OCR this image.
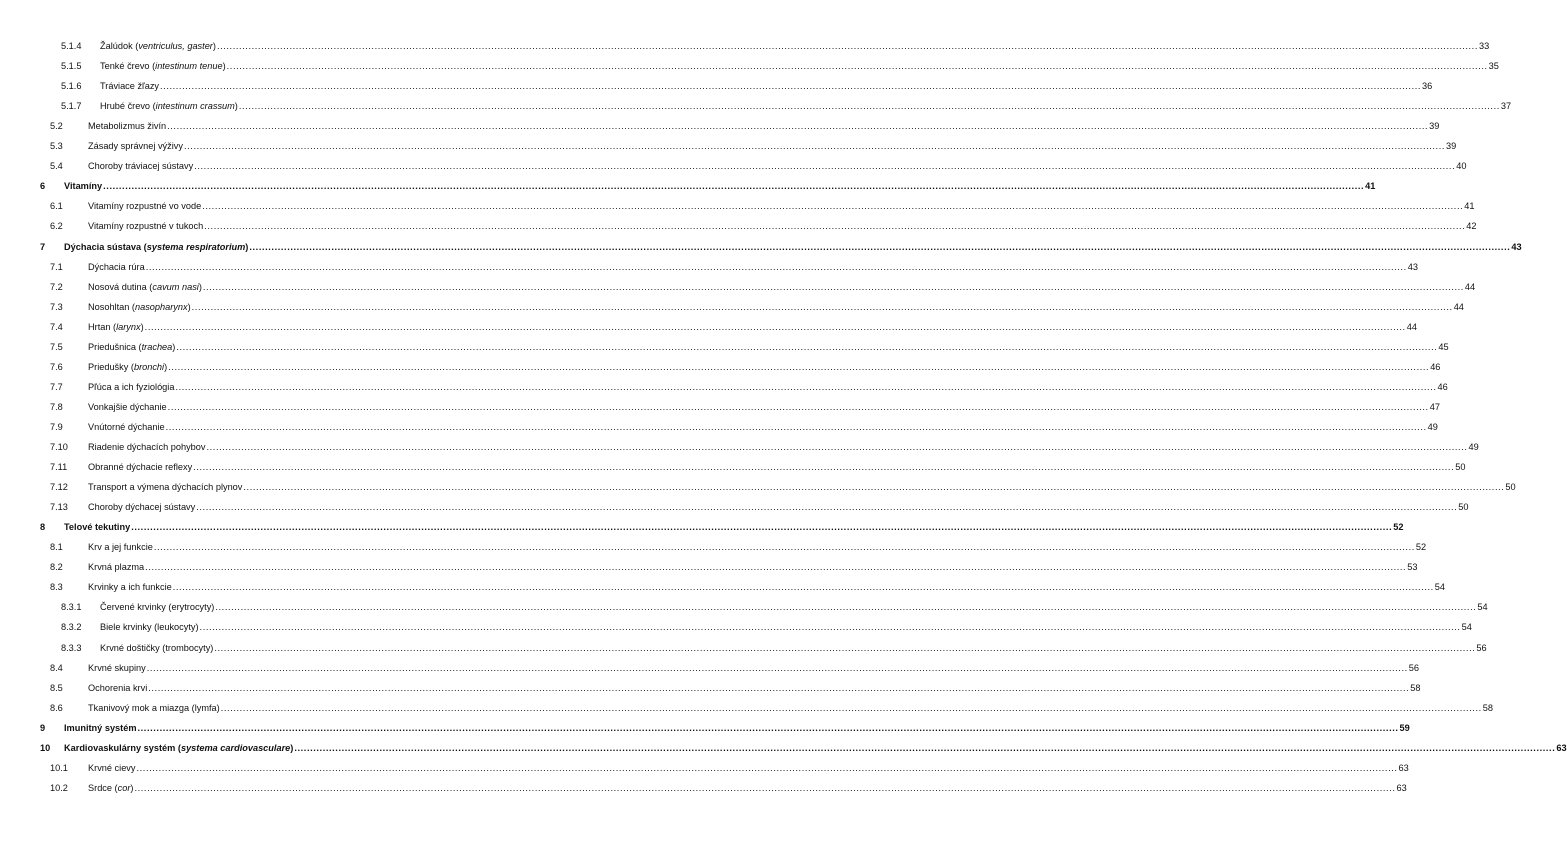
5.1.4 Žalúdok (ventriculus, gaster) ................................................................................................................................................................................................................................................................................................................................................................................................................ 33
5.1.5 Tenké črevo (intestinum tenue) ................................................................................................................................................................................................................................................................................................................................................................................................................ 35
5.1.6 Tráviace žľazy ................................................................................................................................................................................................................................................................................................................................................................................................................ 36
5.1.7 Hrubé črevo (intestinum crassum) ................................................................................................................................................................................................................................................................................................................................................................................................................ 37
5.2	Metabolizmus živín ................................................................................................................................................................................................................................................................................................................................................................................................................ 39
5.3	Zásady správnej výživy ................................................................................................................................................................................................................................................................................................................................................................................................................ 39
5.4	Choroby tráviacej sústavy ................................................................................................................................................................................................................................................................................................................................................................................................................ 40
6 Vitamíny ................................................................................................................................................................................................................................................................................................................................................................................................................ 41
6.1	Vitamíny rozpustné vo vode ................................................................................................................................................................................................................................................................................................................................................................................................................ 41
6.2	Vitamíny rozpustné v tukoch ................................................................................................................................................................................................................................................................................................................................................................................................................ 42
7 Dýchacia sústava (systema respiratorium) ................................................................................................................................................................................................................................................................................................................................................................................................................ 43
7.1	Dýchacia rúra ................................................................................................................................................................................................................................................................................................................................................................................................................ 43
7.2	Nosová dutina (cavum nasi) ................................................................................................................................................................................................................................................................................................................................................................................................................ 44
7.3	Nosohltan (nasopharynx) ................................................................................................................................................................................................................................................................................................................................................................................................................ 44
7.4	Hrtan (larynx) ................................................................................................................................................................................................................................................................................................................................................................................................................ 44
7.5	Priedušnica (trachea) ................................................................................................................................................................................................................................................................................................................................................................................................................ 45
7.6	Priedušky (bronchi) ................................................................................................................................................................................................................................................................................................................................................................................................................ 46
7.7	Pľúca a ich fyziológia ................................................................................................................................................................................................................................................................................................................................................................................................................ 46
7.8	Vonkajšie dýchanie ................................................................................................................................................................................................................................................................................................................................................................................................................ 47
7.9	Vnútorné dýchanie ................................................................................................................................................................................................................................................................................................................................................................................................................ 49
7.10 Riadenie dýchacích pohybov ................................................................................................................................................................................................................................................................................................................................................................................................................ 49
7.11 Obranné dýchacie reflexy ................................................................................................................................................................................................................................................................................................................................................................................................................ 50
7.12 Transport a výmena dýchacích plynov ................................................................................................................................................................................................................................................................................................................................................................................................................ 50
7.13 Choroby dýchacej sústavy ................................................................................................................................................................................................................................................................................................................................................................................................................ 50
8 Telové tekutiny ................................................................................................................................................................................................................................................................................................................................................................................................................ 52
8.1	Krv a jej funkcie ................................................................................................................................................................................................................................................................................................................................................................................................................ 52
8.2	Krvná plazma ................................................................................................................................................................................................................................................................................................................................................................................................................ 53
8.3	Krvinky a ich funkcie ................................................................................................................................................................................................................................................................................................................................................................................................................ 54
8.3.1 Červené krvinky (erytrocyty) ................................................................................................................................................................................................................................................................................................................................................................................................................ 54
8.3.2 Biele krvinky (leukocyty) ................................................................................................................................................................................................................................................................................................................................................................................................................ 54
8.3.3 Krvné doštičky (trombocyty) ................................................................................................................................................................................................................................................................................................................................................................................................................ 56
8.4	Krvné skupiny ................................................................................................................................................................................................................................................................................................................................................................................................................ 56
8.5	Ochorenia krvi ................................................................................................................................................................................................................................................................................................................................................................................................................ 58
8.6	Tkanivový mok a miazga (lymfa) ................................................................................................................................................................................................................................................................................................................................................................................................................ 58
9 Imunitný systém ................................................................................................................................................................................................................................................................................................................................................................................................................ 59
10 Kardiovaskulárny systém (systema cardiovasculare) ................................................................................................................................................................................................................................................................................................................................................................................................................ 63
10.1 Krvné cievy ................................................................................................................................................................................................................................................................................................................................................................................................................ 63
10.2 Srdce (cor) ................................................................................................................................................................................................................................................................................................................................................................................................................ 63
